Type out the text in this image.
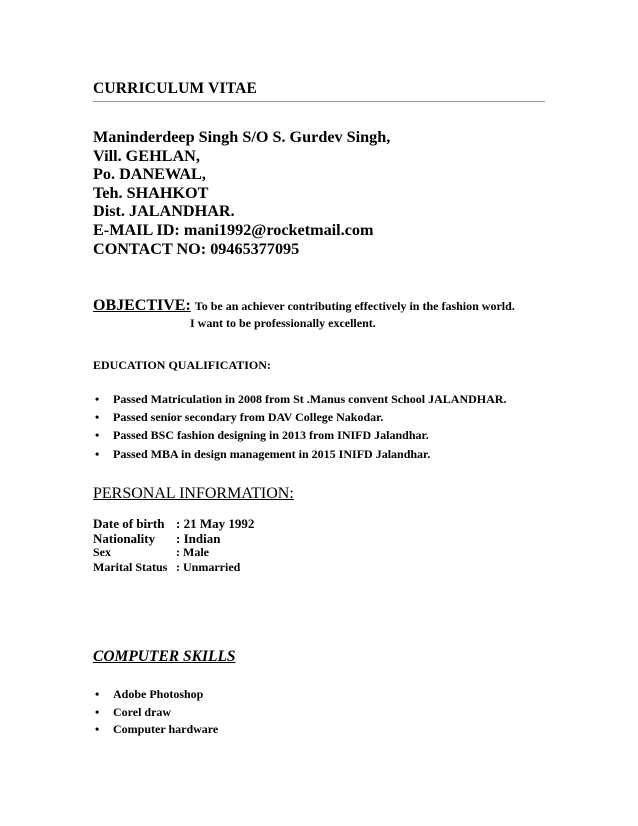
CURRICULUM VITAE
Maninderdeep Singh S/O S. Gurdev Singh,
Vill. GEHLAN,
Po. DANEWAL,
Teh. SHAHKOT
Dist. JALANDHAR.
E-MAIL ID: mani1992@rocketmail.com
CONTACT NO: 09465377095
OBJECTIVE: To be an achiever contributing effectively in the fashion world.
I want to be professionally excellent.
EDUCATION QUALIFICATION:
• Passed Matriculation in 2008 from St .Manus convent School JALANDHAR.
• Passed senior secondary from DAV College Nakodar.
• Passed BSC fashion designing in 2013 from INIFD Jalandhar.
• Passed MBA in design management in 2015 INIFD Jalandhar.
PERSONAL INFORMATION:
Date of birth : 21 May 1992
Nationality : Indian
Sex	: Male
Marital Status : Unmarried
COMPUTER SKILLS
• Adobe Photoshop
• Corel draw
• Computer hardware
